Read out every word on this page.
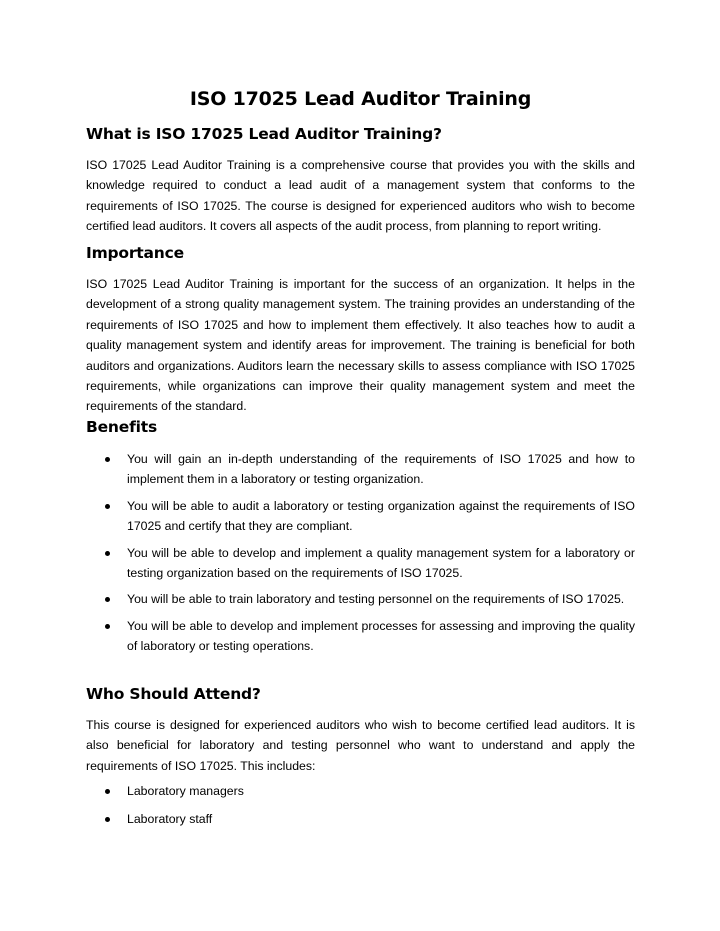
ISO 17025 Lead Auditor Training
What is ISO 17025 Lead Auditor Training?

ISO 17025 Lead Auditor Training is a comprehensive course that provides you with the skills and knowledge required to conduct a lead audit of a management system that conforms to the requirements of ISO 17025. The course is designed for experienced auditors who wish to become certified lead auditors. It covers all aspects of the audit process, from planning to report writing.

Importance

ISO 17025 Lead Auditor Training is important for the success of an organization. It helps in the development of a strong quality management system. The training provides an understanding of the requirements of ISO 17025 and how to implement them effectively. It also teaches how to audit a quality management system and identify areas for improvement. The training is beneficial for both auditors and organizations. Auditors learn the necessary skills to assess compliance with ISO 17025 requirements, while organizations can improve their quality management system and meet the requirements of the standard.

Benefits
You will gain an in-depth understanding of the requirements of ISO 17025 and how to implement them in a laboratory or testing organization.
You will be able to audit a laboratory or testing organization against the requirements of ISO 17025 and certify that they are compliant.
You will be able to develop and implement a quality management system for a laboratory or testing organization based on the requirements of ISO 17025.
You will be able to train laboratory and testing personnel on the requirements of ISO 17025.
You will be able to develop and implement processes for assessing and improving the quality of laboratory or testing operations.
Who Should Attend?

This course is designed for experienced auditors who wish to become certified lead auditors. It is also beneficial for laboratory and testing personnel who want to understand and apply the requirements of ISO 17025. This includes:

Laboratory managers
Laboratory staff
